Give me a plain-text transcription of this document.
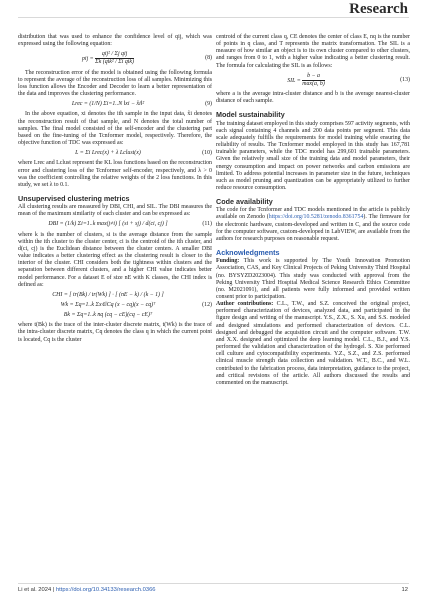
Research

distribution that was used to enhance the confidence level of qij, which was expressed using the following equation:

pij = $\frac{\text{qij² / Σj qij}}{\text{Σk (qik² / Σi qik)}}$	(8)

The reconstruction error of the model is obtained using the following formula to represent the average of the reconstruction loss of all samples. Minimizing this loss function allows the Encoder and Decoder to learn a better representation of the data and improves the clustering performance.

Lrec = (1/N) Σi=1..N ‖xi − x̂i‖²	(9)

In the above equation, xi denotes the ith sample in the input data, x̂i denotes the reconstruction result of that sample, and N denotes the total number of samples. The final model consisted of the self-encoder and the clustering part based on the fine-tuning of the Tcnformer model, respectively. Therefore, the objective function of TDC was expressed as:

L = Σi Lrec(x) + λ Lclust(x)	(10)

where Lrec and Lclust represent the KL loss functions based on the reconstruction error and clustering loss of the Tcnformer self-encoder, respectively, and λ > 0 was the coefficient controlling the relative weights of the 2 loss functions. In this study, we set λ to 0.1.

Unsupervised clustering metrics

All clustering results are measured by DBI, CHI, and SIL. The DBI measures the mean of the maximum similarity of each cluster and can be expressed as:

DBI = (1/k) Σi=1..k max(j≠i) [ (si + sj) / d(ci, cj) ]	(11)

where k is the number of clusters, si is the average distance from the sample within the ith cluster to the cluster center, ci is the centroid of the ith cluster, and d(ci, cj) is the Euclidean distance between the cluster centers. A smaller DBI value indicates a better clustering effect as the clustering result is closer to the interior of the cluster. CHI considers both the tightness within clusters and the separation between different clusters, and a higher CHI value indicates better model performance. For a dataset E of size nE with K classes, the CHI index is defined as:

CHI = [ tr(Bk) / tr(Wk) ] · [ (nE − k) / (k − 1) ]
Wk = Σq=1..k Σx∈Cq (x − cq)(x − cq)ᵀ
Bk = Σq=1..k nq (cq − cE)(cq − cE)ᵀ
(12)

where t(Bk) is the trace of the inter-cluster discrete matrix, t(Wk) is the trace of the intra-cluster discrete matrix, Cq denotes the class q in which the current point is located, Cq is the cluster

centroid of the current class q, CE denotes the center of class E, nq is the number of points in q class, and T represents the matrix transformation. The SIL is a measure of how similar an object is to its own cluster compared to other clusters, and ranges from 0 to 1, with a higher value indicating a better clustering result. The formula for calculating the SIL is as follows:

SIL = $\frac{b - a}{\max(a, b)}$	(13)

where a is the average intra-cluster distance and b is the average nearest-cluster distance of each sample.

Model sustainability

The training dataset employed in this study comprises 597 activity segments, with each signal containing 4 channels and 200 data points per segment. This data scale adequately fulfills the requirements for model training while ensuring the reliability of results. The Tcnformer model employed in this study has 167,781 trainable parameters, while the TDC model has 299,601 trainable parameters. Given the relatively small size of the training data and model parameters, their energy consumption and impact on power networks and carbon emissions are limited. To address potential increases in parameter size in the future, techniques such as model pruning and quantization can be appropriately utilized to further reduce resource consumption.

Code availability

The code for the Tcnformer and TDC models mentioned in the article is publicly available on Zenodo (https://doi.org/10.5281/zenodo.8361754). The firmware for the electronic hardware, custom-developed and written in C, and the source code for the computer software, custom-developed in LabVIEW, are available from the authors for research purposes on reasonable request.

Acknowledgments

Funding: This work is supported by The Youth Innovation Promotion Association, CAS, and Key Clinical Projects of Peking University Third Hospital (no. BYSYZD2023004). This study was conducted with approval from the Peking University Third Hospital Medical Science Research Ethics Committee (no. M2021091), and all patients were fully informed and provided written consent prior to participation.

Author contributions: C.L., T.W., and S.Z. conceived the original project, performed characterization of devices, analyzed data, and participated in the figure design and writing of the manuscript. Y.S., Z.X., S. Xu, and S.S. modeled and designed simulations and performed characterization of devices. C.L. designed and debugged the acquisition circuit and the computer software. T.W. and X.X. designed and optimized the deep learning model. C.L., B.J., and Y.S. performed the validation and characterization of the hydrogel. S. Xie performed cell culture and cytocompatibility experiments. Y.Z., S.Z., and Z.S. performed clinical muscle strength data collection and validation. W.T., B.C., and W.L. contributed to the fabrication process, data interpretation, guidance to the project, and critical revisions of the article. All authors discussed the results and commented on the manuscript.

Li et al. 2024 | https://doi.org/10.34133/research.0366	12
